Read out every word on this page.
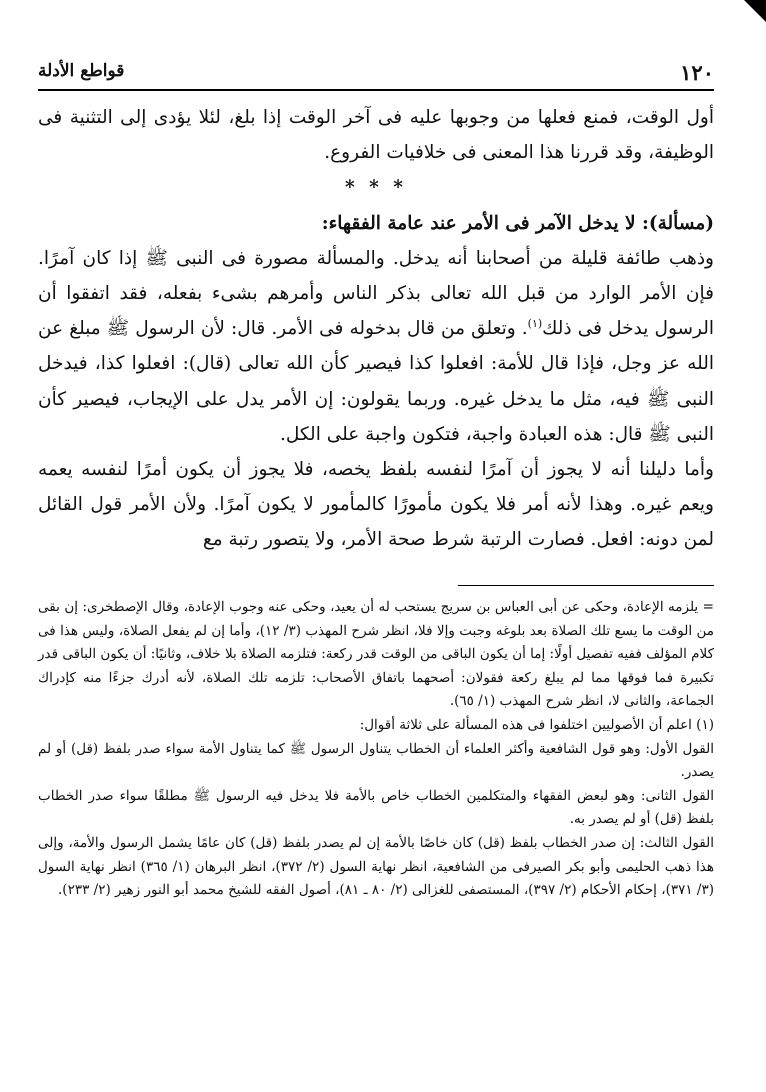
١٢٠
قواطع الأدلة

أول الوقت، فمنع فعلها من وجوبها عليه فى آخر الوقت إذا بلغ، لئلا يؤدى إلى التثنية فى الوظيفة، وقد قررنا هذا المعنى فى خلافيات الفروع.

* * *

(مسألة): لا يدخل الآمر فى الأمر عند عامة الفقهاء:

وذهب طائفة قليلة من أصحابنا أنه يدخل. والمسألة مصورة فى النبى ﷺ إذا كان آمرًا. فإن الأمر الوارد من قبل الله تعالى بذكر الناس وأمرهم بشىء بفعله، فقد اتفقوا أن الرسول يدخل فى ذلك$^{(١)}$. وتعلق من قال بدخوله فى الأمر. قال: لأن الرسول ﷺ مبلغ عن الله عز وجل، فإذا قال للأمة: افعلوا كذا فيصير كأن الله تعالى (قال): افعلوا كذا، فيدخل النبى ﷺ فيه، مثل ما يدخل غيره. وربما يقولون: إن الأمر يدل على الإيجاب، فيصير كأن النبى ﷺ قال: هذه العبادة واجبة، فتكون واجبة على الكل.

وأما دليلنا أنه لا يجوز أن آمرًا لنفسه بلفظ يخصه، فلا يجوز أن يكون أمرًا لنفسه يعمه ويعم غيره. وهذا لأنه أمر فلا يكون مأمورًا كالمأمور لا يكون آمرًا. ولأن الأمر قول القائل لمن دونه: افعل. فصارت الرتبة شرط صحة الأمر، ولا يتصور رتبة مع

= يلزمه الإعادة، وحكى عن أبى العباس بن سريج يستحب له أن يعيد، وحكى عنه وجوب الإعادة، وقال الإصطخرى: إن بقى من الوقت ما يسع تلك الصلاة بعد بلوغه وجبت وإلا فلا، انظر شرح المهذب (٣/ ١٢)، وأما إن لم يفعل الصلاة، وليس هذا فى كلام المؤلف ففيه تفصيل أولًا: إما أن يكون الباقى من الوقت قدر ركعة: فتلزمه الصلاة بلا خلاف، وثانيًا: أن يكون الباقى قدر تكبيرة فما فوقها مما لم يبلغ ركعة فقولان: أصحهما باتفاق الأصحاب: تلزمه تلك الصلاة، لأنه أدرك جزءًا منه كإدراك الجماعة، والثانى لا، انظر شرح المهذب (١/ ٦٥).

(١) اعلم أن الأصوليين اختلفوا فى هذه المسألة على ثلاثة أقوال:

القول الأول: وهو قول الشافعية وأكثر العلماء أن الخطاب يتناول الرسول ﷺ كما يتناول الأمة سواء صدر بلفظ (قل) أو لم يصدر.

القول الثانى: وهو لبعض الفقهاء والمتكلمين الخطاب خاص بالأمة فلا يدخل فيه الرسول ﷺ مطلقًا سواء صدر الخطاب بلفظ (قل) أو لم يصدر به.

القول الثالث: إن صدر الخطاب بلفظ (قل) كان خاصًا بالأمة إن لم يصدر بلفظ (قل) كان عامًا يشمل الرسول والأمة، وإلى هذا ذهب الحليمى وأبو بكر الصيرفى من الشافعية، انظر نهاية السول (٢/ ٣٧٢)، انظر البرهان (١/ ٣٦٥) انظر نهاية السول (٣/ ٣٧١)، إحكام الأحكام (٢/ ٣٩٧)، المستصفى للغزالى (٢/ ٨٠ ـ ٨١)، أصول الفقه للشيخ محمد أبو النور زهير (٢/ ٢٣٣).
